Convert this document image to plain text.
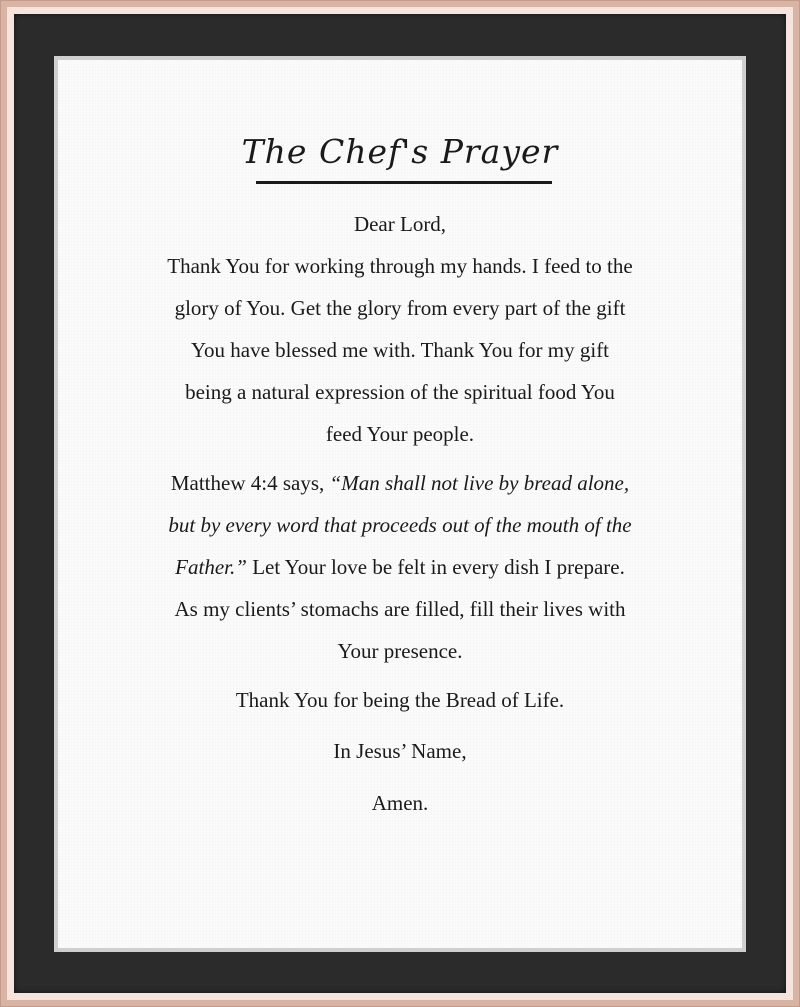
The Chef's Prayer
Dear Lord,
Thank You for working through my hands. I feed to the
glory of You. Get the glory from every part of the gift
You have blessed me with. Thank You for my gift
being a natural expression of the spiritual food You
feed Your people.
Matthew 4:4 says, “Man shall not live by bread alone,
but by every word that proceeds out of the mouth of the
Father.” Let Your love be felt in every dish I prepare.
As my clients’ stomachs are filled, fill their lives with
Your presence.
Thank You for being the Bread of Life.
In Jesus’ Name,
Amen.
